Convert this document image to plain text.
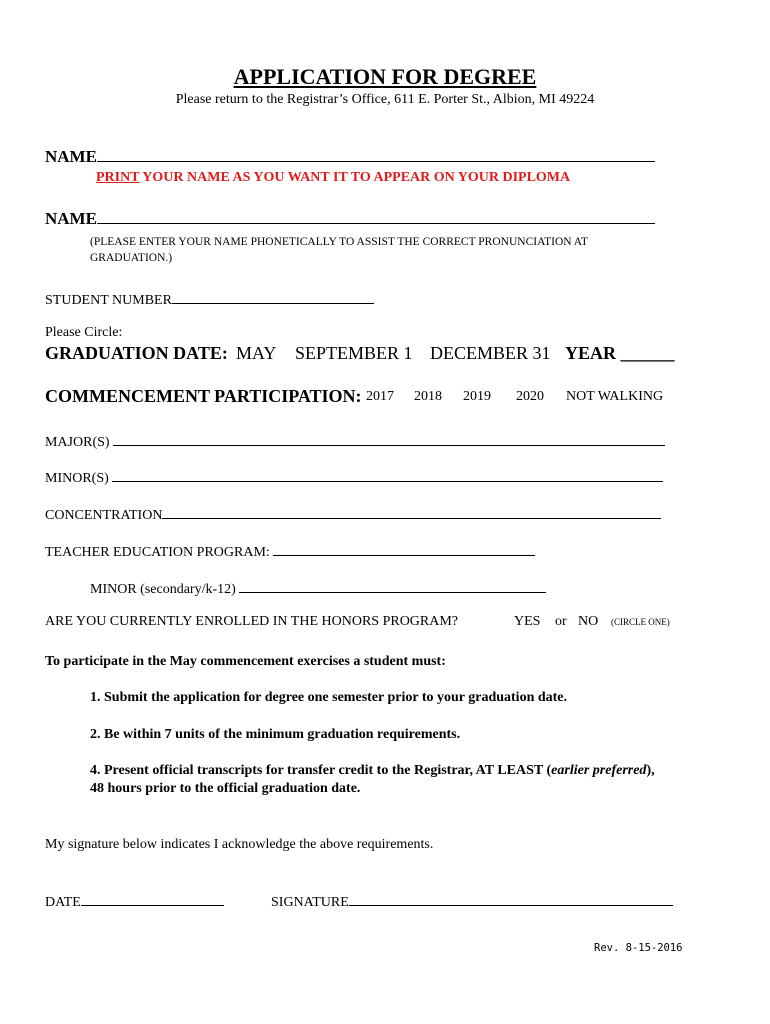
APPLICATION FOR DEGREE
Please return to the Registrar’s Office, 611 E. Porter St., Albion, MI 49224
NAME
PRINT YOUR NAME AS YOU WANT IT TO APPEAR ON YOUR DIPLOMA
NAME
(PLEASE ENTER YOUR NAME PHONETICALLY TO ASSIST THE CORRECT PRONUNCIATION AT
GRADUATION.)
STUDENT NUMBER
Please Circle:
GRADUATION DATE: MAY SEPTEMBER 1 DECEMBER 31 YEAR ______
COMMENCEMENT PARTICIPATION: 2017 2018 2019 2020 NOT WALKING
MAJOR(S)
MINOR(S)
CONCENTRATION
TEACHER EDUCATION PROGRAM:
MINOR (secondary/k-12)
ARE YOU CURRENTLY ENROLLED IN THE HONORS PROGRAM?	YES or NO (CIRCLE ONE)
To participate in the May commencement exercises a student must:
1. Submit the application for degree one semester prior to your graduation date.
2. Be within 7 units of the minimum graduation requirements.
4. Present official transcripts for transfer credit to the Registrar, AT LEAST (earlier preferred),
48 hours prior to the official graduation date.
My signature below indicates I acknowledge the above requirements.
DATE	SIGNATURE
Rev. 8-15-2016
